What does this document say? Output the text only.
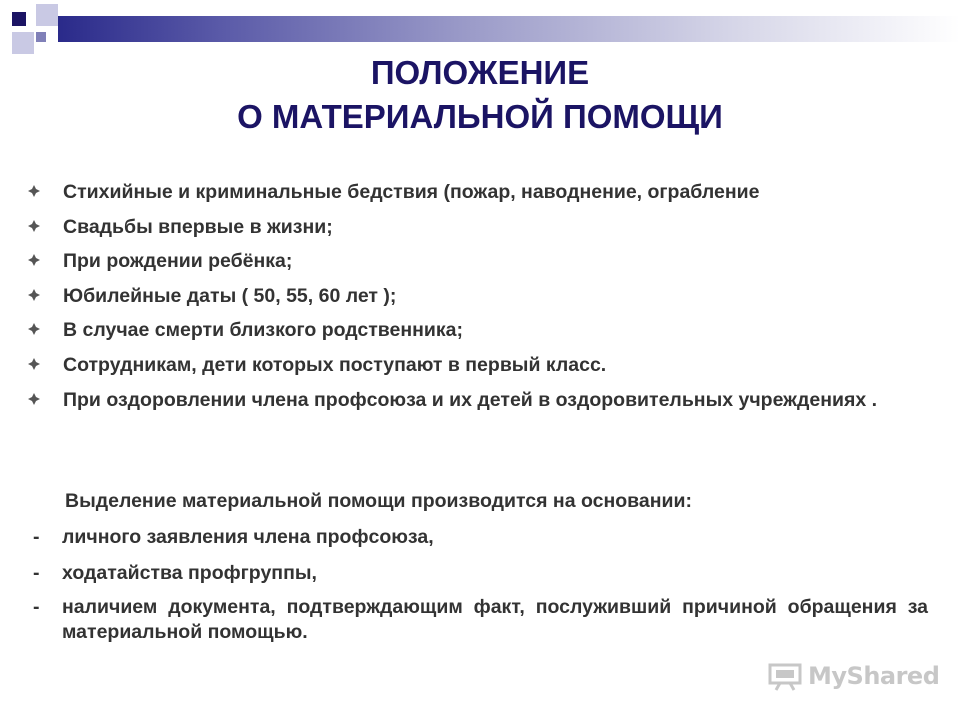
ПОЛОЖЕНИЕ
О МАТЕРИАЛЬНОЙ ПОМОЩИ
Стихийные и криминальные бедствия (пожар, наводнение, ограбление
Свадьбы впервые в жизни;
При рождении ребёнка;
Юбилейные даты ( 50, 55, 60 лет );
В случае смерти близкого родственника;
Сотрудникам, дети которых поступают в первый класс.
При оздоровлении члена профсоюза и их детей в оздоровительных учреждениях .
Выделение материальной помощи производится на основании:
- личного заявления члена профсоюза,
- ходатайства профгруппы,
- наличием документа, подтверждающим факт, послуживший причиной обращения за материальной помощью.
MyShared
